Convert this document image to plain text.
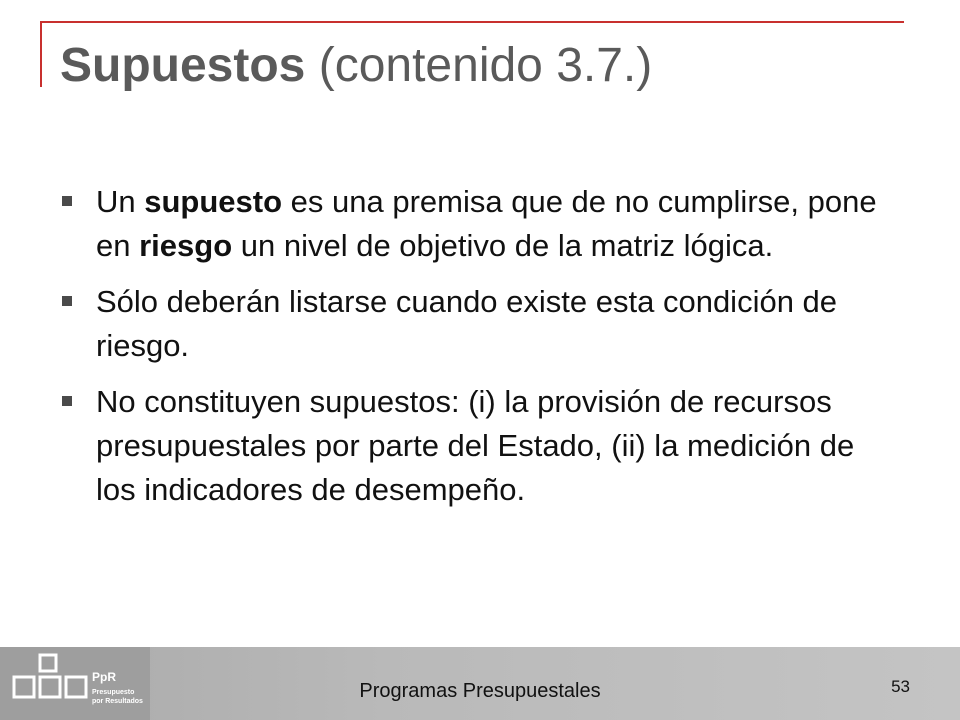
Supuestos (contenido 3.7.)
Un supuesto es una premisa que de no cumplirse, pone en riesgo un nivel de objetivo de la matriz lógica.
Sólo deberán listarse cuando existe esta condición de riesgo.
No constituyen supuestos: (i) la provisión de recursos presupuestales por parte del Estado, (ii) la medición de los indicadores de desempeño.
PpR
Presupuesto
por Resultados	Programas Presupuestales	53
